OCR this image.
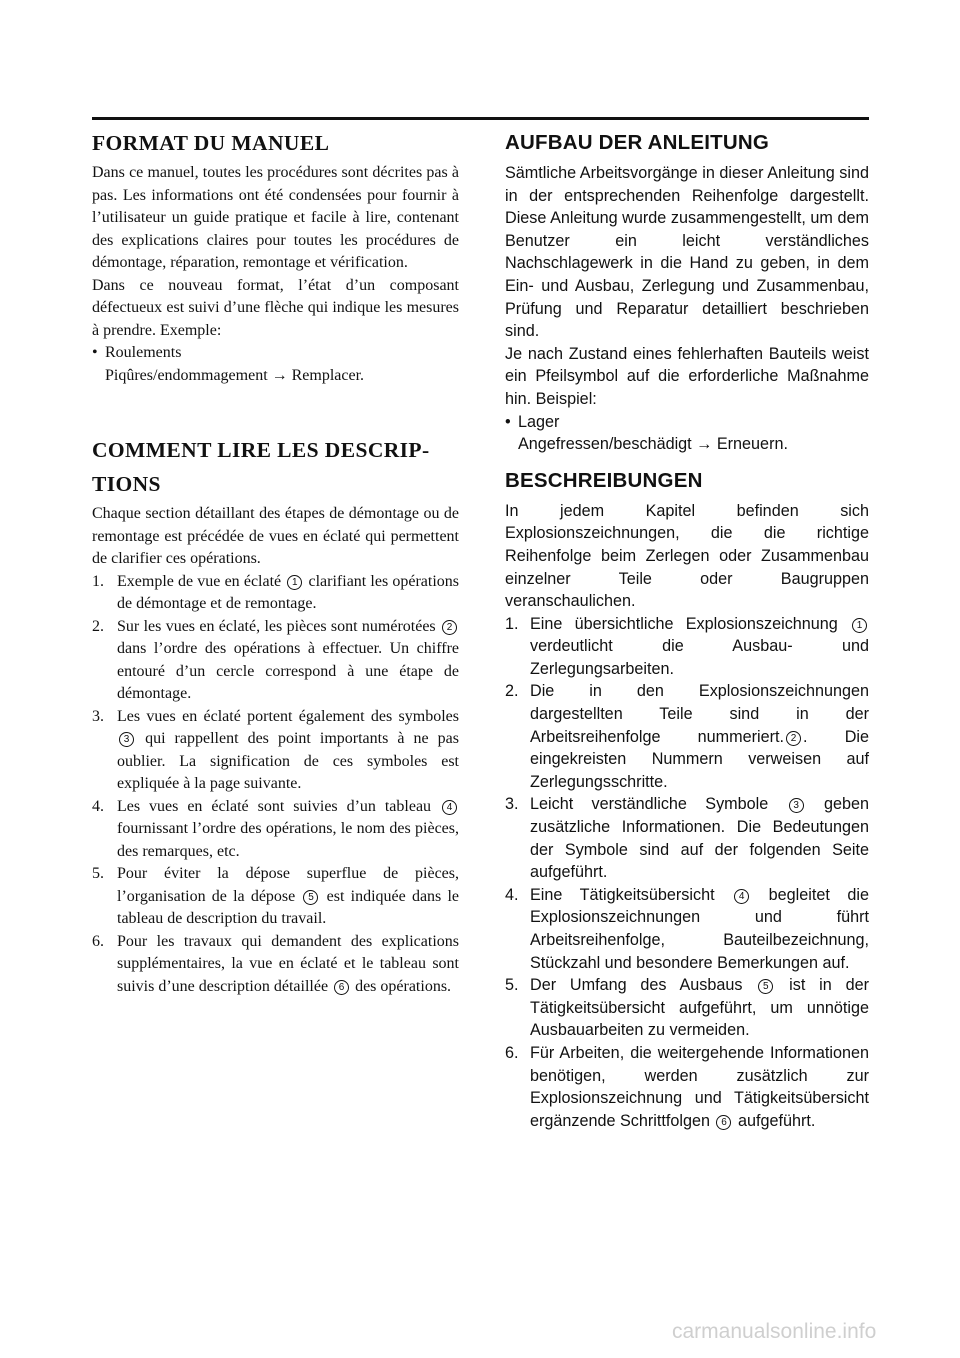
FORMAT DU MANUEL

Dans ce manuel, toutes les procédures sont décrites pas à pas. Les informations ont été condensées pour fournir à l’utilisateur un guide pratique et facile à lire, contenant des explications claires pour toutes les procédures de démontage, réparation, remontage et vérification.

Dans ce nouveau format, l’état d’un composant défectueux est suivi d’une flèche qui indique les mesures à prendre. Exemple:

• Roulements
Piqûres/endommagement → Remplacer.
COMMENT LIRE LES DESCRIP-
TIONS

Chaque section détaillant des étapes de démontage ou de remontage est précédée de vues en éclaté qui permettent de clarifier ces opérations.

1. Exemple de vue en éclaté 1 clarifiant les opérations de démontage et de remontage.
2. Sur les vues en éclaté, les pièces sont numérotées 2 dans l’ordre des opérations à effectuer. Un chiffre entouré d’un cercle correspond à une étape de démontage.
3. Les vues en éclaté portent également des symboles 3 qui rappellent des point importants à ne pas oublier. La signification de ces symboles est expliquée à la page suivante.
4. Les vues en éclaté sont suivies d’un tableau 4 fournissant l’ordre des opérations, le nom des pièces, des remarques, etc.
5. Pour éviter la dépose superflue de pièces, l’organisation de la dépose 5 est indiquée dans le tableau de description du travail.
6. Pour les travaux qui demandent des explications supplémentaires, la vue en éclaté et le tableau sont suivis d’une description détaillée 6 des opérations.
AUFBAU DER ANLEITUNG

Sämtliche Arbeitsvorgänge in dieser Anleitung sind in der entsprechenden Reihenfolge dargestellt. Diese Anleitung wurde zusammengestellt, um dem Benutzer ein leicht verständliches Nachschlagewerk in die Hand zu geben, in dem Ein- und Ausbau, Zerlegung und Zusammenbau, Prüfung und Reparatur detailliert beschrieben sind.

Je nach Zustand eines fehlerhaften Bauteils weist ein Pfeilsymbol auf die erforderliche Maßnahme hin. Beispiel:

• Lager
Angefressen/beschädigt → Erneuern.
BESCHREIBUNGEN

In jedem Kapitel befinden sich Explosionszeichnungen, die die richtige Reihenfolge beim Zerlegen oder Zusammenbau einzelner Teile oder Baugruppen veranschaulichen.

1. Eine übersichtliche Explosionszeichnung 1 verdeutlicht die Ausbau- und Zerlegungsarbeiten.
2. Die in den Explosionszeichnungen dargestellten Teile sind in der Arbeitsreihenfolge nummeriert. 2 . Die eingekreisten Nummern verweisen auf Zerlegungsschritte.
3. Leicht verständliche Symbole	3 geben zusätzliche Informationen. Die Bedeutungen der Symbole sind auf der folgenden Seite aufgeführt.
4. Eine Tätigkeitsübersicht 4 begleitet die Explosionszeichnungen und führt Arbeitsreihenfolge, Bauteilbezeichnung, Stückzahl und besondere Bemerkungen auf.
5. Der Umfang des Ausbaus 5 ist in der Tätigkeitsübersicht aufgeführt, um unnötige Ausbauarbeiten zu vermeiden.
6. Für Arbeiten, die weitergehende Informationen benötigen, werden zusätzlich zur Explosionszeichnung und Tätigkeitsübersicht ergänzende Schrittfolgen 6 aufgeführt.
carmanualsonline.info
